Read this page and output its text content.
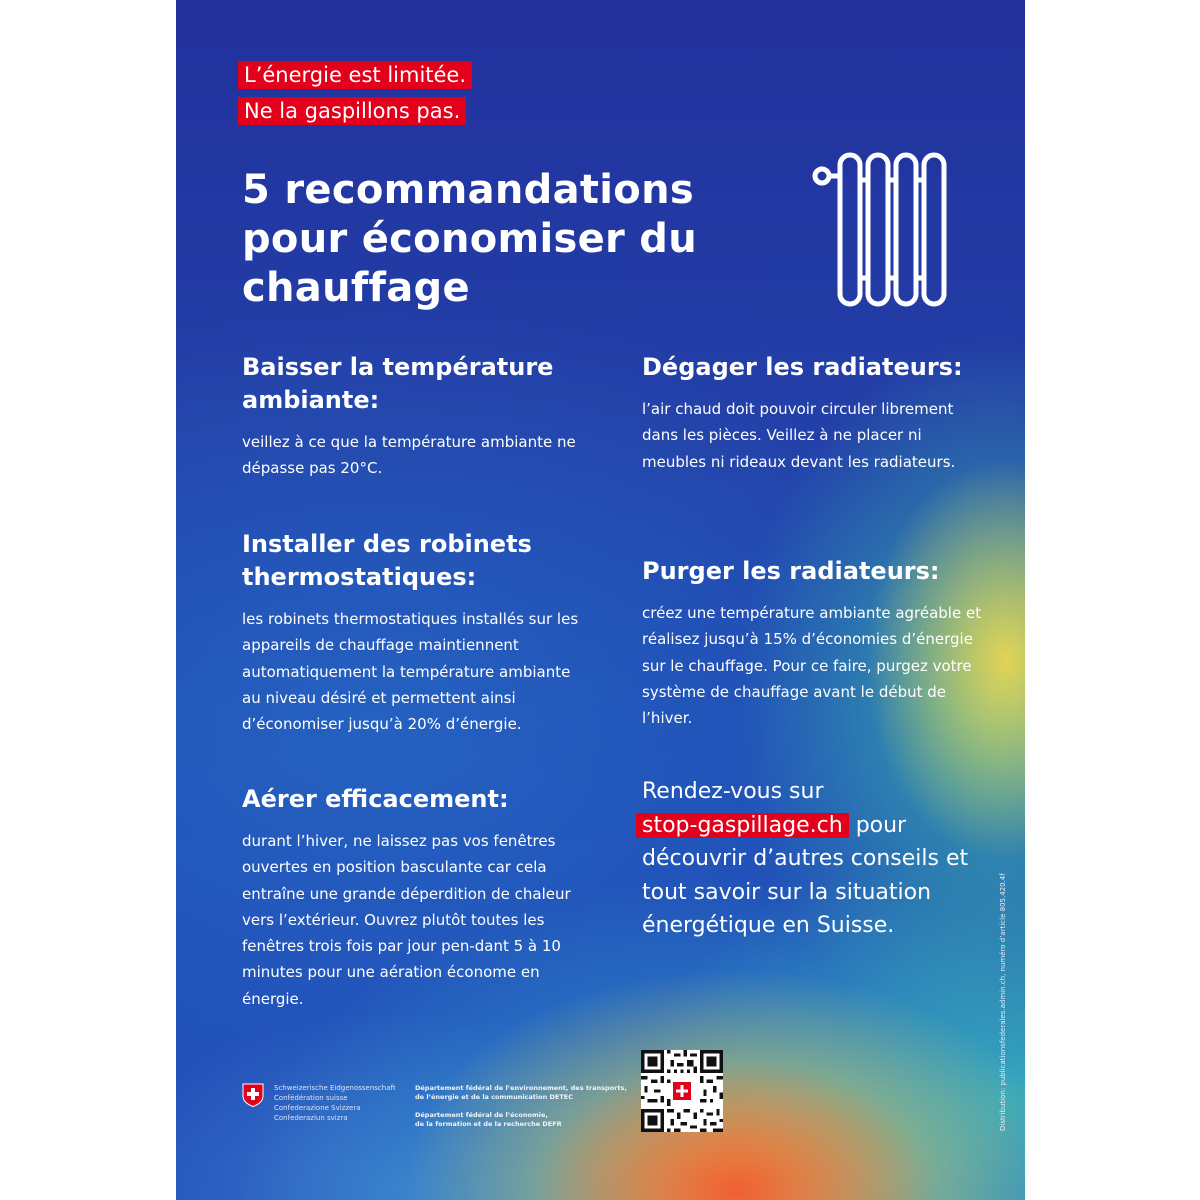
L’énergie est limitée.
Ne la gaspillons pas.
5 recommandations
pour économiser du
chauffage
Baisser la température ambiante:

veillez à ce que la température ambiante ne dépasse pas 20°C.

Installer des robinets thermostatiques:

les robinets thermostatiques installés sur les appareils de chauffage maintiennent automatiquement la température ambiante au niveau désiré et permettent ainsi d’économiser jusqu’à 20% d’énergie.

Aérer efficacement:

durant l’hiver, ne laissez pas vos fenêtres ouvertes en position basculante car cela entraîne une grande déperdition de chaleur vers l’extérieur. Ouvrez plutôt toutes les fenêtres trois fois par jour pen-dant 5 à 10 minutes pour une aération économe en énergie.

Dégager les radiateurs:

l’air chaud doit pouvoir circuler librement dans les pièces. Veillez à ne placer ni meubles ni rideaux devant les radiateurs.

Purger les radiateurs:

créez une température ambiante agréable et réalisez jusqu’à 15% d’économies d’énergie sur le chauffage. Pour ce faire, purgez votre système de chauffage avant le début de l’hiver.

Rendez-vous sur
stop-gaspillage.ch pour découvrir d’autres conseils et tout savoir sur la situation énergétique en Suisse.
Schweizerische Eidgenossenschaft
Confédération suisse
Confederazione Svizzera
Confederaziun svizra
Département fédéral de l’environnement, des transports,
de l’énergie et de la communication DETEC
Département fédéral de l’économie,
de la formation et de la recherche DEFR	Distribution: publicationsfederales.admin.ch, numéro d’article 805.420.4f
